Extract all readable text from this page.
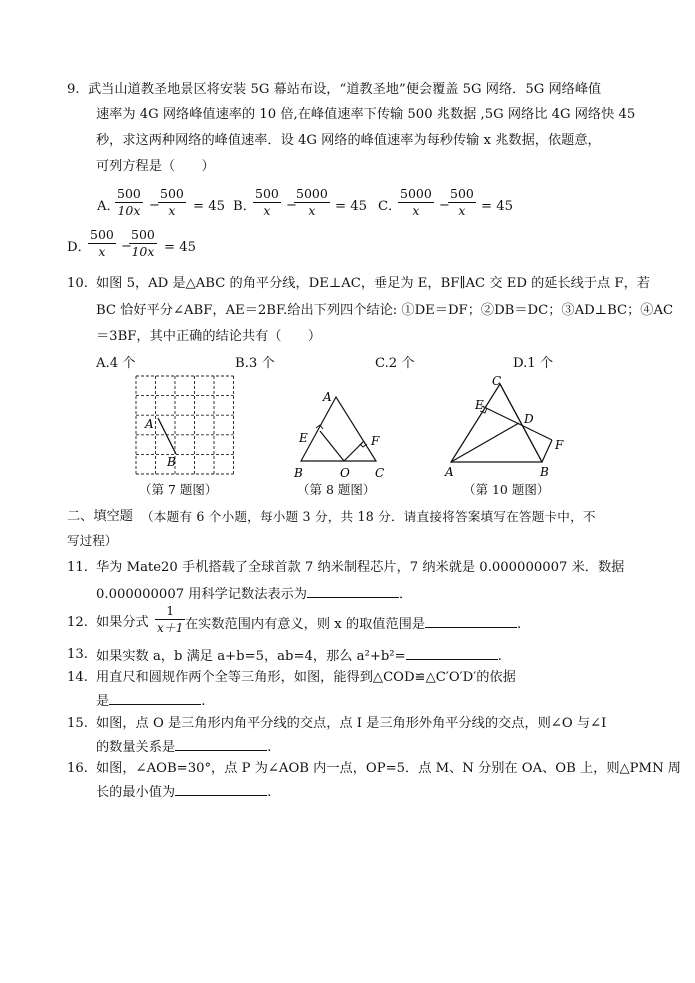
9. 武当山道教圣地景区将安装 5G 幕站布设，“道教圣地”便会覆盖 5G 网络．5G 网络峰值
速率为 4G 网络峰值速率的 10 倍,在峰值速率下传输 500 兆数据 ,5G 网络比 4G 网络快 45
秒，求这两种网络的峰值速率．设 4G 网络的峰值速率为每秒传输 x 兆数据，依题意，
可列方程是（　　）
A．
$\frac{500}{10x}$ −
$\frac{500}{x} = 45$ B．
$\frac{500}{x}$ −
$\frac{5000}{x} = 45$ C．
$\frac{5000}{x}$ −
$\frac{500}{x} = 45$
D．
$\frac{500}{x}$ −
$\frac{500}{10x} = 45$
10. 如图 5，AD 是△ABC 的角平分线，DE⊥AC，垂足为 E，BF∥AC 交 ED 的延长线于点 F，若
BC 恰好平分∠ABF，AE＝2BF.给出下列四个结论: ①DE＝DF；②DB＝DC；③AD⊥BC；④AC
＝3BF，其中正确的结论共有（　　）
A.4 个	B.3 个	C.2 个	D.1 个
A
B
（第 7 题图）
A
E	F
B	O C
（第 8 题图）
C
E
D
F
A	B
（第 10 题图）
二、填空题 （本题有 6 个小题，每小题 3 分，共 18 分．请直接将答案填写在答题卡中，不
写过程）
11. 华为 Mate20 手机搭载了全球首款 7 纳米制程芯片，7 纳米就是 0.000000007 米．数据
0.000000007 用科学记数法表示为	．
12. 如果分式 $\frac{1}{x+1}$ 在实数范围内有意义，则 x 的取值范围是	.
13. 如果实数 a，b 满足 a+b=5，ab=4，那么 a²+b²=	.
14. 用直尺和圆规作两个全等三角形，如图，能得到△COD≌△C′O′D′的依据
是	.
15. 如图，点 O 是三角形内角平分线的交点，点 I 是三角形外角平分线的交点，则∠O 与∠I
的数量关系是	.
16. 如图，∠AOB=30°，点 P 为∠AOB 内一点，OP=5．点 M、N 分别在 OA、OB 上，则△PMN 周
长的最小值为	.
